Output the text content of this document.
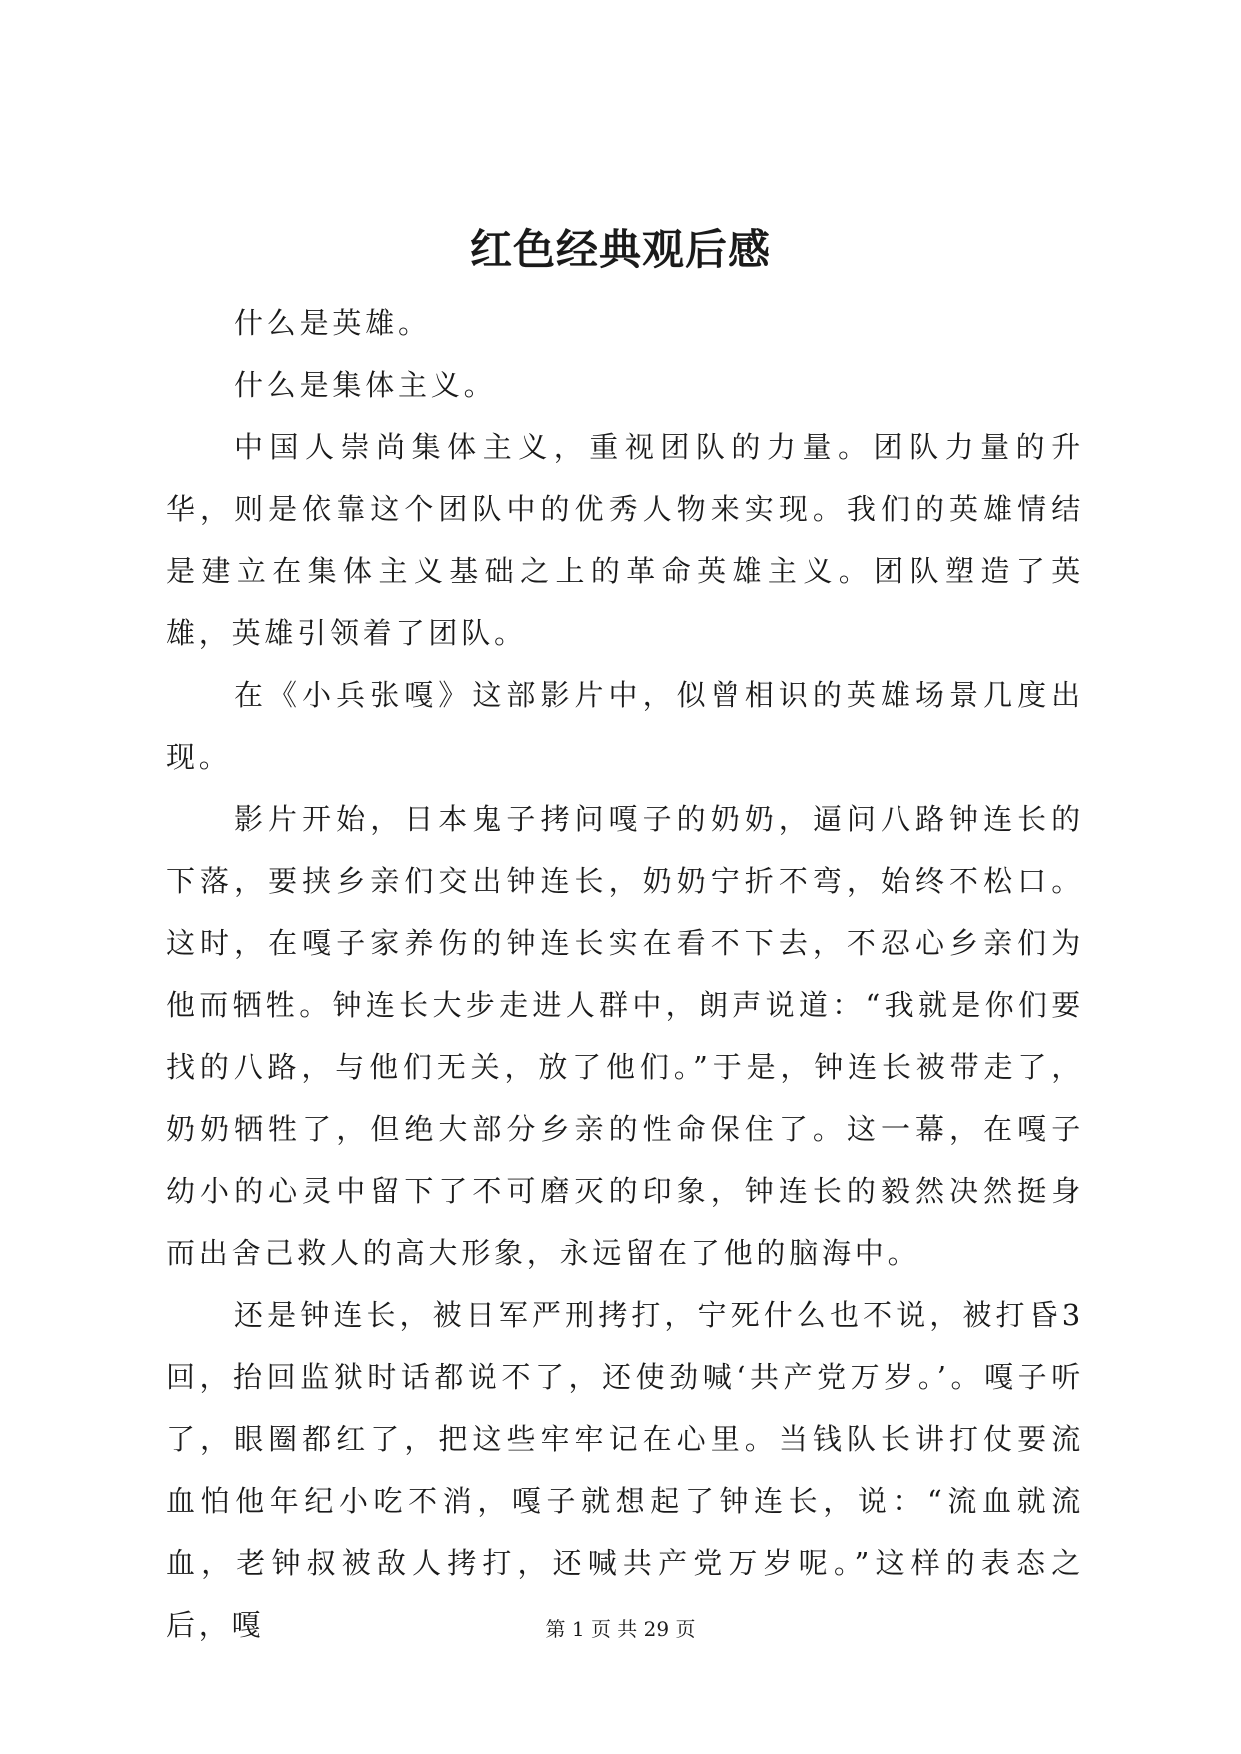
红色经典观后感

什么是英雄。

什么是集体主义。

中国人崇尚集体主义，重视团队的力量。团队力量的升华，则是依靠这个团队中的优秀人物来实现。我们的英雄情结是建立在集体主义基础之上的革命英雄主义。团队塑造了英雄，英雄引领着了团队。

在《小兵张嘎》这部影片中，似曾相识的英雄场景几度出现。

影片开始，日本鬼子拷问嘎子的奶奶，逼问八路钟连长的下落，要挟乡亲们交出钟连长，奶奶宁折不弯，始终不松口。这时，在嘎子家养伤的钟连长实在看不下去，不忍心乡亲们为他而牺牲。钟连长大步走进人群中，朗声说道：“我就是你们要找的八路，与他们无关，放了他们。”于是，钟连长被带走了，奶奶牺牲了，但绝大部分乡亲的性命保住了。这一幕，在嘎子幼小的心灵中留下了不可磨灭的印象，钟连长的毅然决然挺身而出舍己救人的高大形象，永远留在了他的脑海中。

还是钟连长，被日军严刑拷打，宁死什么也不说，被打昏3回，抬回监狱时话都说不了，还使劲喊‘共产党万岁。’。嘎子听了，眼圈都红了，把这些牢牢记在心里。当钱队长讲打仗要流血怕他年纪小吃不消，嘎子就想起了钟连长，说：“流血就流血，老钟叔被敌人拷打，还喊共产党万岁呢。”这样的表态之后，嘎	第 1 页 共 29 页
